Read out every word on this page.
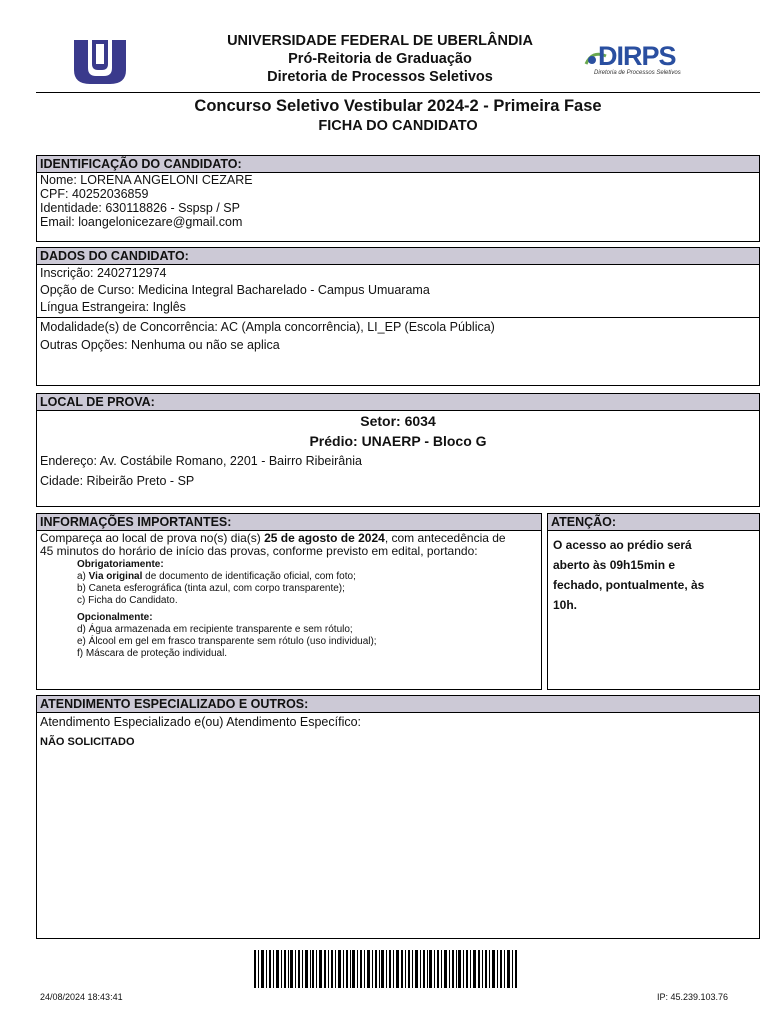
UNIVERSIDADE FEDERAL DE UBERLÂNDIA
Pró-Reitoria de Graduação
Diretoria de Processos Seletivos
DIRPS
Diretoria de Processos Seletivos
Concurso Seletivo Vestibular 2024-2 - Primeira Fase
FICHA DO CANDIDATO
IDENTIFICAÇÃO DO CANDIDATO:
Nome: LORENA ANGELONI CEZARE
CPF: 40252036859
Identidade: 630118826 - Sspsp / SP
Email: loangelonicezare@gmail.com
DADOS DO CANDIDATO:
Inscrição: 2402712974
Opção de Curso: Medicina Integral Bacharelado - Campus Umuarama
Língua Estrangeira: Inglês
Modalidade(s) de Concorrência: AC (Ampla concorrência), LI_EP (Escola Pública)
Outras Opções: Nenhuma ou não se aplica
LOCAL DE PROVA:
Setor: 6034
Prédio: UNAERP - Bloco G
Endereço: Av. Costábile Romano, 2201 - Bairro Ribeirânia
Cidade: Ribeirão Preto - SP
INFORMAÇÕES IMPORTANTES:
Compareça ao local de prova no(s) dia(s) 25 de agosto de 2024, com antecedência de
45 minutos do horário de início das provas, conforme previsto em edital, portando:
Obrigatoriamente:
a) Via original de documento de identificação oficial, com foto;
b) Caneta esferográfica (tinta azul, com corpo transparente);
c) Ficha do Candidato.
Opcionalmente:
d) Água armazenada em recipiente transparente e sem rótulo;
e) Álcool em gel em frasco transparente sem rótulo (uso individual);
f) Máscara de proteção individual.
ATENÇÃO:
O acesso ao prédio será
aberto às 09h15min e
fechado, pontualmente, às
10h.
ATENDIMENTO ESPECIALIZADO E OUTROS:
Atendimento Especializado e(ou) Atendimento Específico:
NÃO SOLICITADO
24/08/2024 18:43:41	IP: 45.239.103.76
